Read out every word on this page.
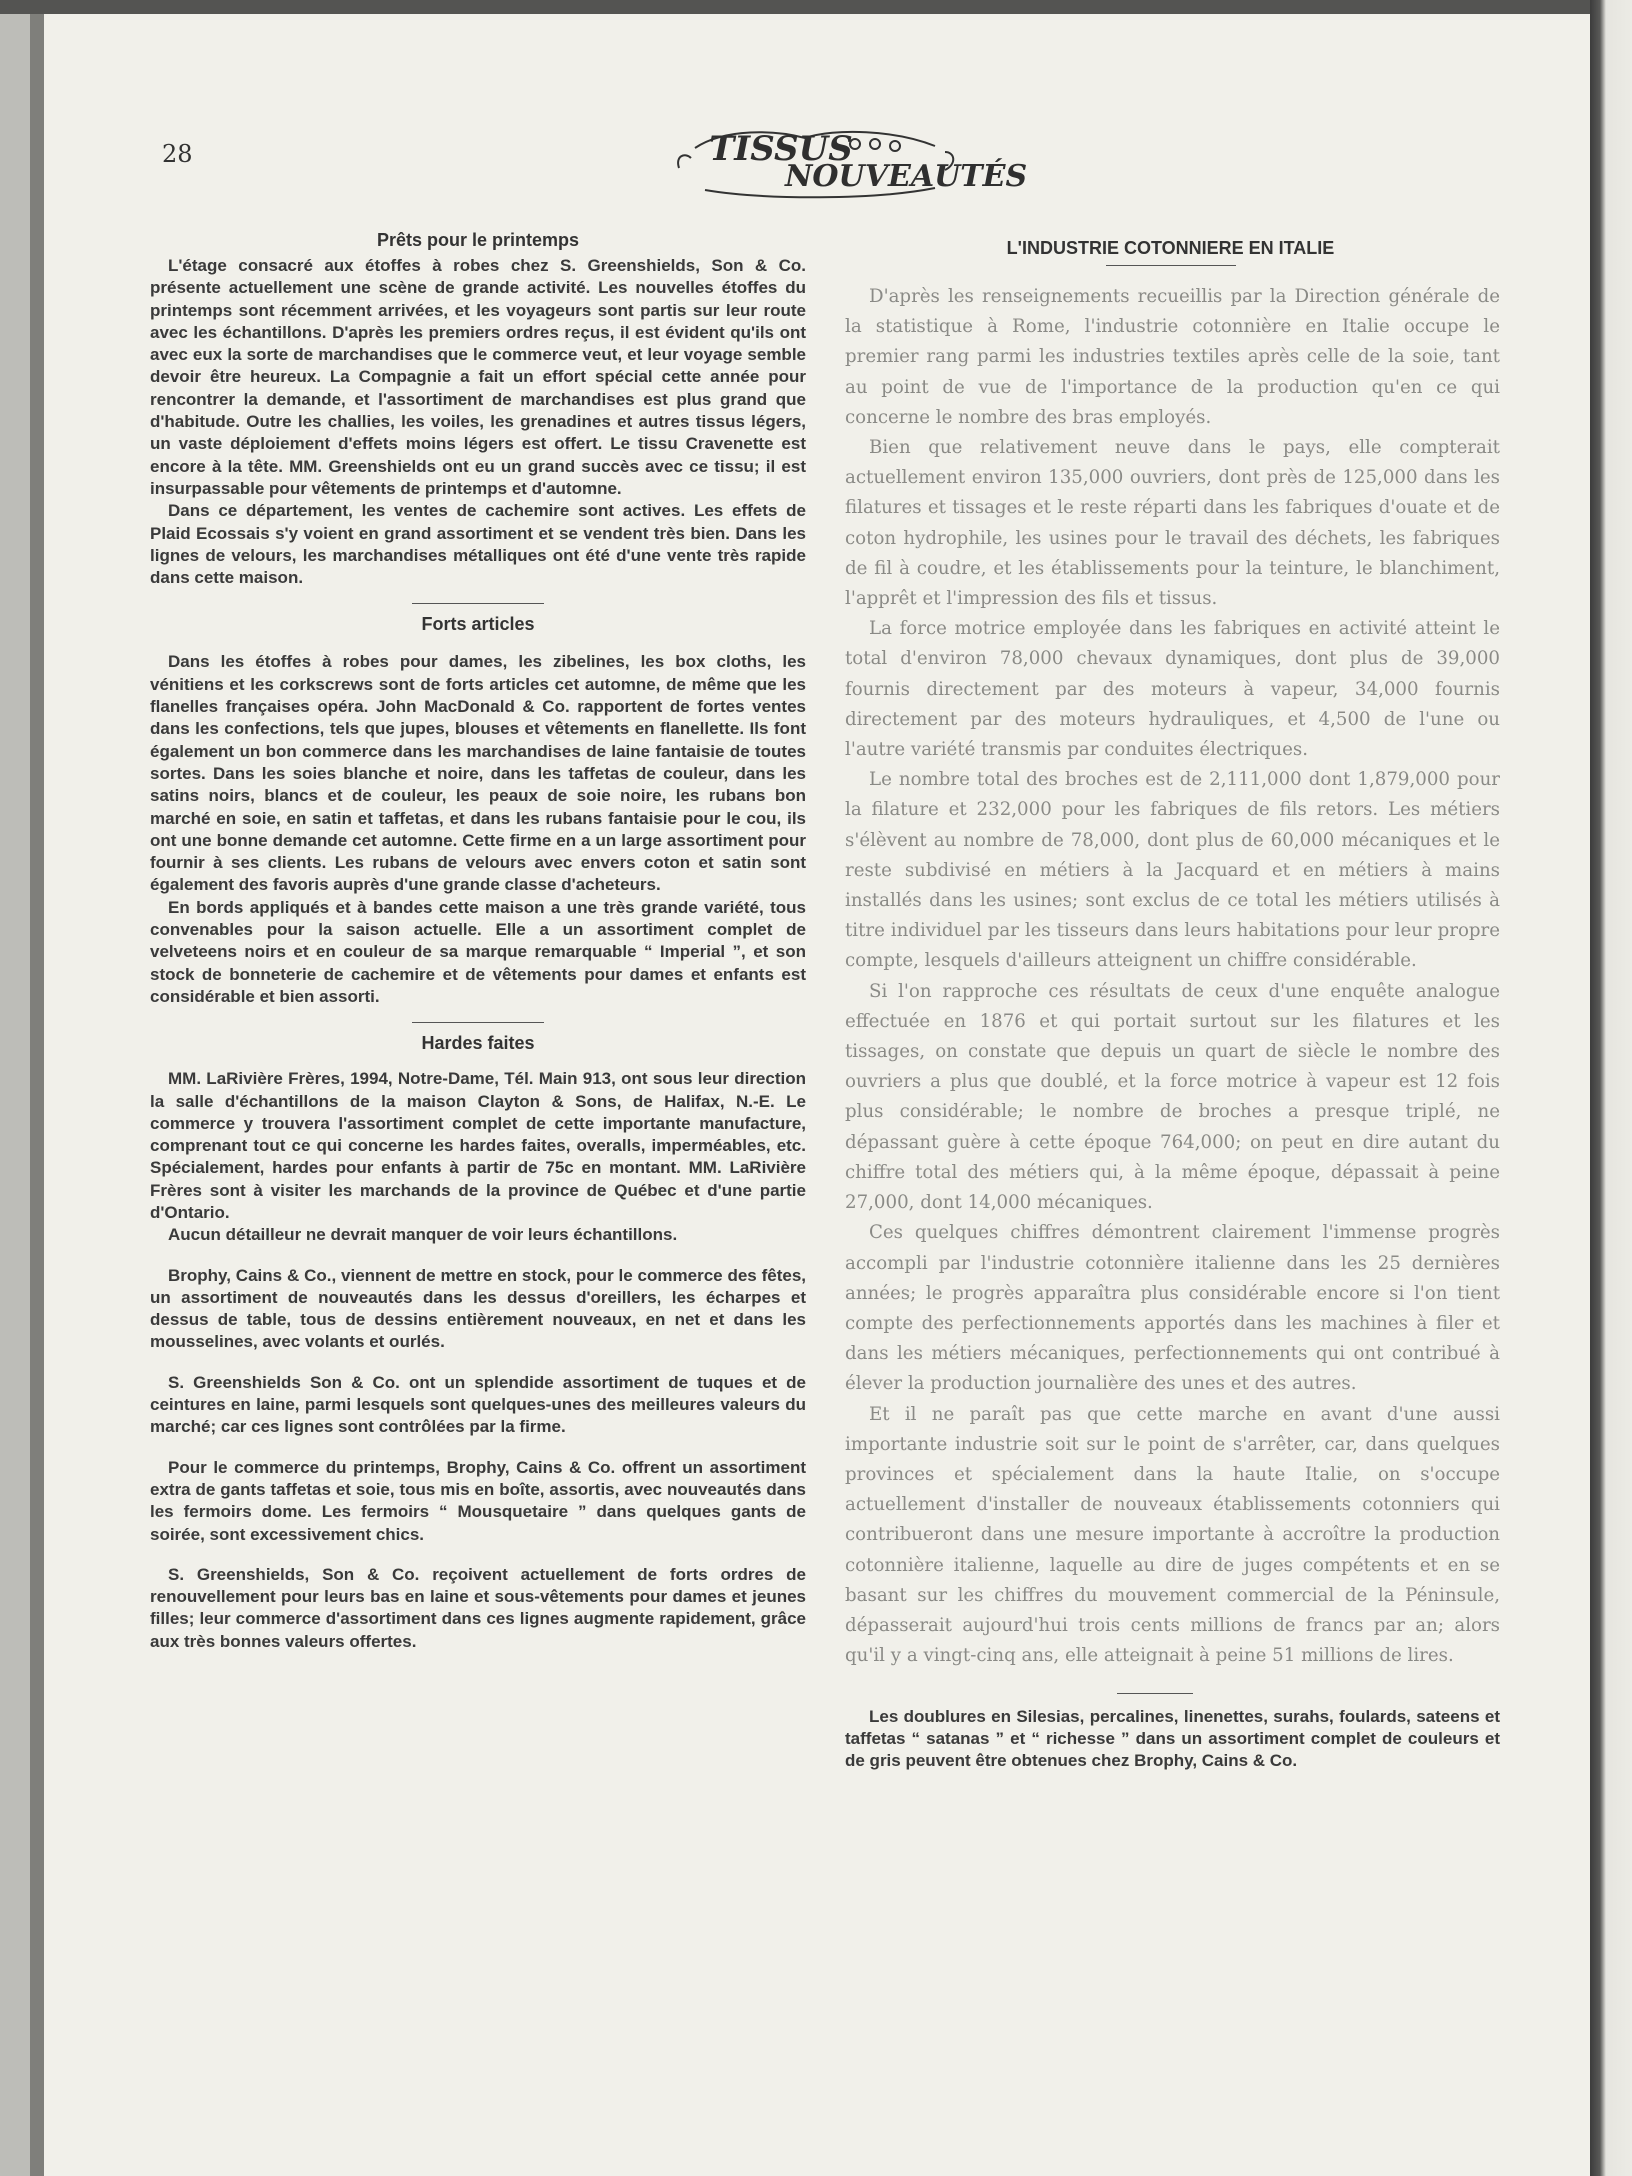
28	TISSUS
NOUVEAUTÉS
Prêts pour le printemps

L'étage consacré aux étoffes à robes chez S. Greenshields, Son & Co. présente actuellement une scène de grande activité. Les nouvelles étoffes du printemps sont récemment arrivées, et les voyageurs sont partis sur leur route avec les échantillons. D'après les premiers ordres reçus, il est évident qu'ils ont avec eux la sorte de marchandises que le commerce veut, et leur voyage semble devoir être heureux. La Compagnie a fait un effort spécial cette année pour rencontrer la demande, et l'assortiment de marchandises est plus grand que d'habitude. Outre les challies, les voiles, les grenadines et autres tissus légers, un vaste déploiement d'effets moins légers est offert. Le tissu Cravenette est encore à la tête. MM. Greenshields ont eu un grand succès avec ce tissu; il est insurpassable pour vêtements de printemps et d'automne.

Dans ce département, les ventes de cachemire sont actives. Les effets de Plaid Ecossais s'y voient en grand assortiment et se vendent très bien. Dans les lignes de velours, les marchandises métalliques ont été d'une vente très rapide dans cette maison.

Forts articles

Dans les étoffes à robes pour dames, les zibelines, les box cloths, les vénitiens et les corkscrews sont de forts articles cet automne, de même que les flanelles françaises opéra. John MacDonald & Co. rapportent de fortes ventes dans les confections, tels que jupes, blouses et vêtements en flanellette. Ils font également un bon commerce dans les marchandises de laine fantaisie de toutes sortes. Dans les soies blanche et noire, dans les taffetas de couleur, dans les satins noirs, blancs et de couleur, les peaux de soie noire, les rubans bon marché en soie, en satin et taffetas, et dans les rubans fantaisie pour le cou, ils ont une bonne demande cet automne. Cette firme en a un large assortiment pour fournir à ses clients. Les rubans de velours avec envers coton et satin sont également des favoris auprès d'une grande classe d'acheteurs.

En bords appliqués et à bandes cette maison a une très grande variété, tous convenables pour la saison actuelle. Elle a un assortiment complet de velveteens noirs et en couleur de sa marque remarquable “ Imperial ”, et son stock de bonneterie de cachemire et de vêtements pour dames et enfants est considérable et bien assorti.

Hardes faites

MM. LaRivière Frères, 1994, Notre-Dame, Tél. Main 913, ont sous leur direction la salle d'échantillons de la maison Clayton & Sons, de Halifax, N.-E. Le commerce y trouvera l'assortiment complet de cette importante manufacture, comprenant tout ce qui concerne les hardes faites, overalls, imperméables, etc. Spécialement, hardes pour enfants à partir de 75c en montant. MM. LaRivière Frères sont à visiter les marchands de la province de Québec et d'une partie d'Ontario.

Aucun détailleur ne devrait manquer de voir leurs échantillons.

Brophy, Cains & Co., viennent de mettre en stock, pour le commerce des fêtes, un assortiment de nouveautés dans les dessus d'oreillers, les écharpes et dessus de table, tous de dessins entièrement nouveaux, en net et dans les mousselines, avec volants et ourlés.

S. Greenshields Son & Co. ont un splendide assortiment de tuques et de ceintures en laine, parmi lesquels sont quelques-unes des meilleures valeurs du marché; car ces lignes sont contrôlées par la firme.

Pour le commerce du printemps, Brophy, Cains & Co. offrent un assortiment extra de gants taffetas et soie, tous mis en boîte, assortis, avec nouveautés dans les fermoirs dome. Les fermoirs “ Mousquetaire ” dans quelques gants de soirée, sont excessivement chics.

S. Greenshields, Son & Co. reçoivent actuellement de forts ordres de renouvellement pour leurs bas en laine et sous-vêtements pour dames et jeunes filles; leur commerce d'assortiment dans ces lignes augmente rapidement, grâce aux très bonnes valeurs offertes.

L'INDUSTRIE COTONNIERE EN ITALIE

D'après les renseignements recueillis par la Direction générale de la statistique à Rome, l'industrie cotonnière en Italie occupe le premier rang parmi les industries textiles après celle de la soie, tant au point de vue de l'importance de la production qu'en ce qui concerne le nombre des bras employés.

Bien que relativement neuve dans le pays, elle compterait actuellement environ 135,000 ouvriers, dont près de 125,000 dans les filatures et tissages et le reste réparti dans les fabriques d'ouate et de coton hydrophile, les usines pour le travail des déchets, les fabriques de fil à coudre, et les établissements pour la teinture, le blanchiment, l'apprêt et l'impression des fils et tissus.

La force motrice employée dans les fabriques en activité atteint le total d'environ 78,000 chevaux dynamiques, dont plus de 39,000 fournis directement par des moteurs à vapeur, 34,000 fournis directement par des moteurs hydrauliques, et 4,500 de l'une ou l'autre variété transmis par conduites électriques.

Le nombre total des broches est de 2,111,000 dont 1,879,000 pour la filature et 232,000 pour les fabriques de fils retors. Les métiers s'élèvent au nombre de 78,000, dont plus de 60,000 mécaniques et le reste subdivisé en métiers à la Jacquard et en métiers à mains installés dans les usines; sont exclus de ce total les métiers utilisés à titre individuel par les tisseurs dans leurs habitations pour leur propre compte, lesquels d'ailleurs atteignent un chiffre considérable.

Si l'on rapproche ces résultats de ceux d'une enquête analogue effectuée en 1876 et qui portait surtout sur les filatures et les tissages, on constate que depuis un quart de siècle le nombre des ouvriers a plus que doublé, et la force motrice à vapeur est 12 fois plus considérable; le nombre de broches a presque triplé, ne dépassant guère à cette époque 764,000; on peut en dire autant du chiffre total des métiers qui, à la même époque, dépassait à peine 27,000, dont 14,000 mécaniques.

Ces quelques chiffres démontrent clairement l'immense progrès accompli par l'industrie cotonnière italienne dans les 25 dernières années; le progrès apparaîtra plus considérable encore si l'on tient compte des perfectionnements apportés dans les machines à filer et dans les métiers mécaniques, perfectionnements qui ont contribué à élever la production journalière des unes et des autres.

Et il ne paraît pas que cette marche en avant d'une aussi importante industrie soit sur le point de s'arrêter, car, dans quelques provinces et spécialement dans la haute Italie, on s'occupe actuellement d'installer de nouveaux établissements cotonniers qui contribueront dans une mesure importante à accroître la production cotonnière italienne, laquelle au dire de juges compétents et en se basant sur les chiffres du mouvement commercial de la Péninsule, dépasserait aujourd'hui trois cents millions de francs par an; alors qu'il y a vingt-cinq ans, elle atteignait à peine 51 millions de lires.

Les doublures en Silesias, percalines, linenettes, surahs, foulards, sateens et taffetas “ satanas ” et “ richesse ” dans un assortiment complet de couleurs et de gris peuvent être obtenues chez Brophy, Cains & Co.
